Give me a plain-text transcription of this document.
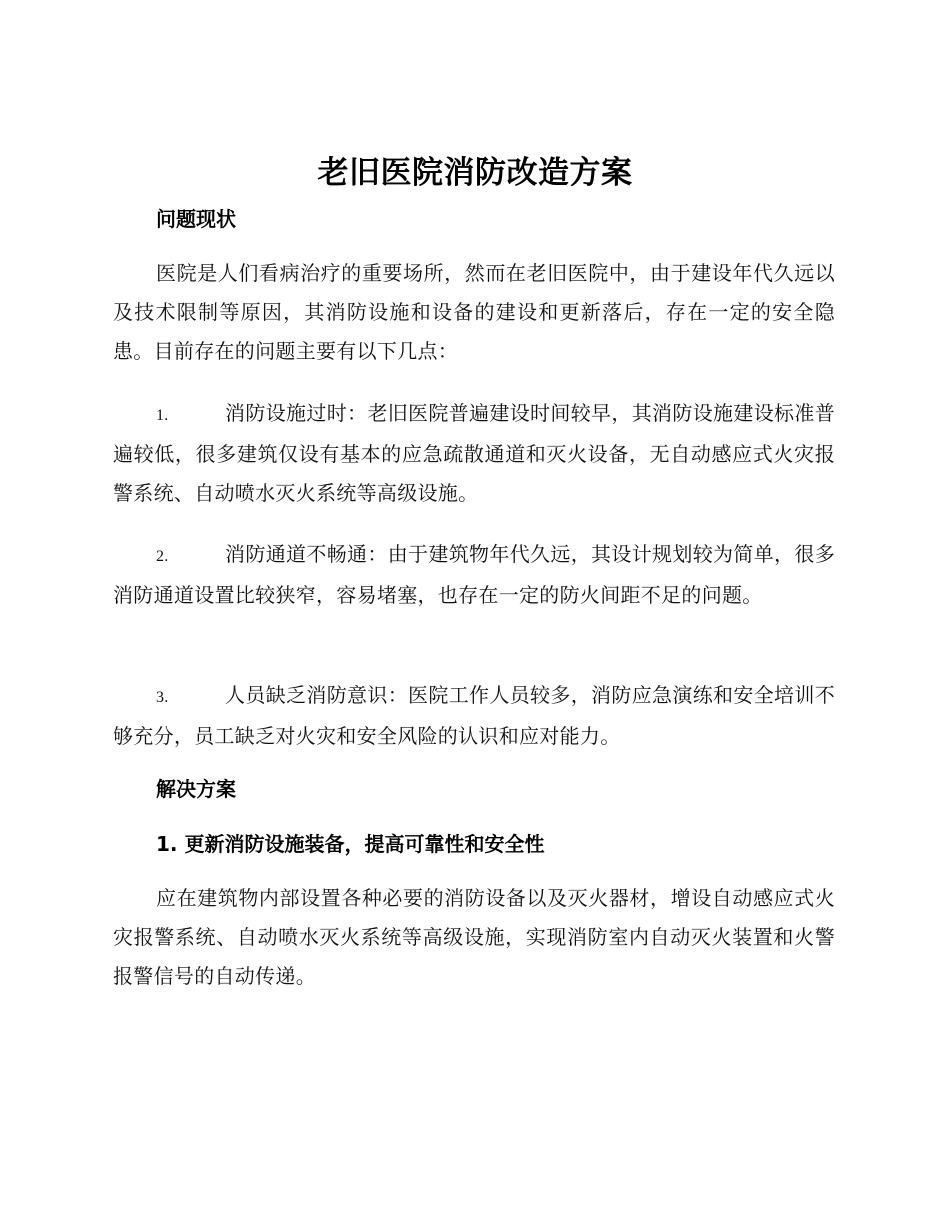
老旧医院消防改造方案
问题现状

医院是人们看病治疗的重要场所，然而在老旧医院中，由于建设年代久远以及技术限制等原因，其消防设施和设备的建设和更新落后，存在一定的安全隐患。目前存在的问题主要有以下几点：

1.	消防设施过时：老旧医院普遍建设时间较早，其消防设施建设标准普遍较低，很多建筑仅设有基本的应急疏散通道和灭火设备，无自动感应式火灾报警系统、自动喷水灭火系统等高级设施。

2.	消防通道不畅通：由于建筑物年代久远，其设计规划较为简单，很多消防通道设置比较狭窄，容易堵塞，也存在一定的防火间距不足的问题。

3.	人员缺乏消防意识：医院工作人员较多，消防应急演练和安全培训不够充分，员工缺乏对火灾和安全风险的认识和应对能力。

解决方案
1. 更新消防设施装备，提高可靠性和安全性

应在建筑物内部设置各种必要的消防设备以及灭火器材，增设自动感应式火灾报警系统、自动喷水灭火系统等高级设施，实现消防室内自动灭火装置和火警报警信号的自动传递。
